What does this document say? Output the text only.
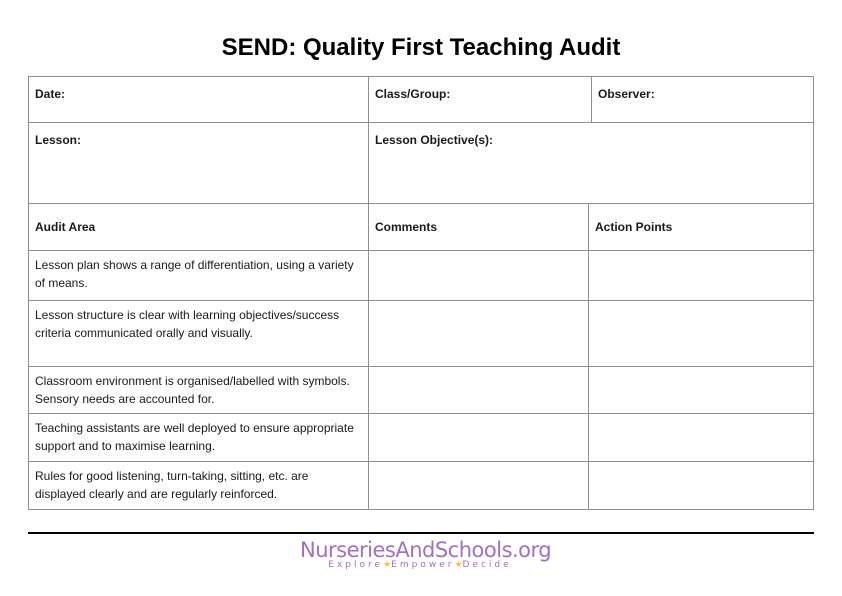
SEND: Quality First Teaching Audit
Date:	Class/Group:	Observer:
Lesson:	Lesson Objective(s):
Audit Area	Comments	Action Points
Lesson plan shows a range of differentiation, using a variety of means.
Lesson structure is clear with learning objectives/success criteria communicated orally and visually.
Classroom environment is organised/labelled with symbols. Sensory needs are accounted for.
Teaching assistants are well deployed to ensure appropriate support and to maximise learning.
Rules for good listening, turn-taking, sitting, etc. are displayed clearly and are regularly reinforced.
NurseriesAndSchools.org
Explore★Empower★Decide
